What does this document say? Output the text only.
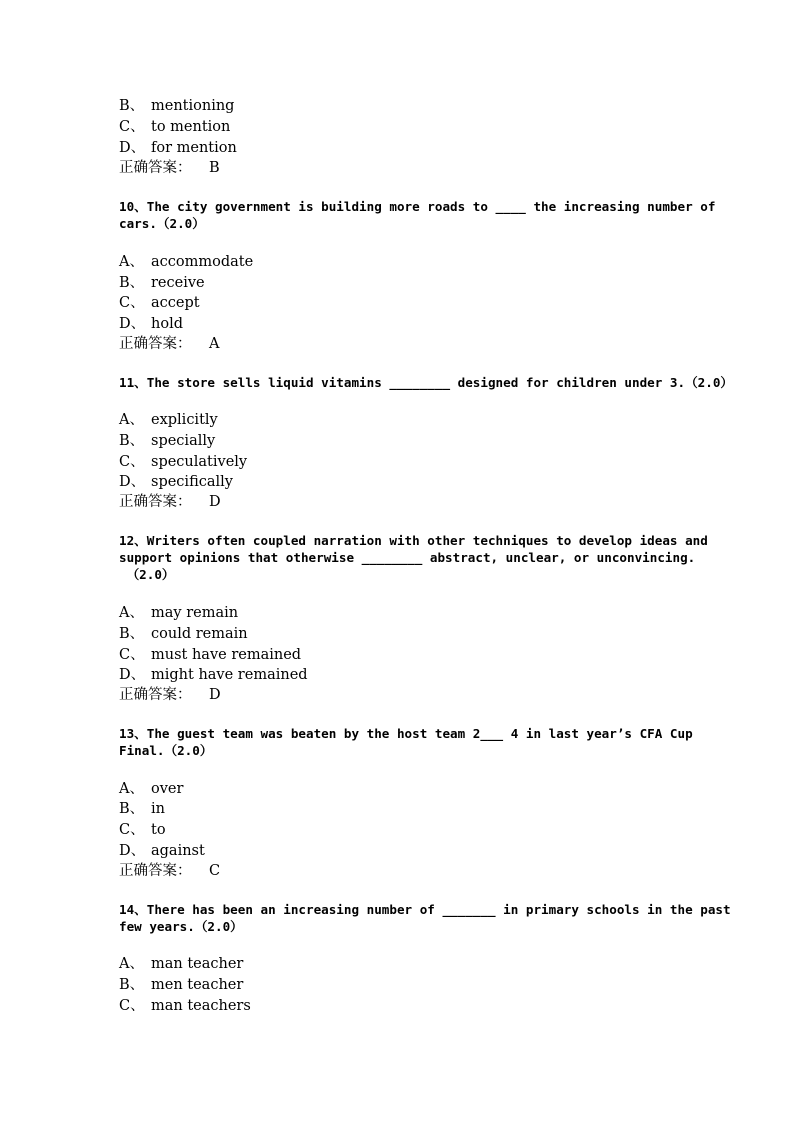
B、 mentioning
C、 to mention
D、 for mention
正确答案： B
10、The city government is building more roads to ____ the increasing number of
cars.（2.0）
A、 accommodate
B、 receive
C、 accept
D、 hold
正确答案： A
11、The store sells liquid vitamins ________ designed for children under 3.（2.0）
A、 explicitly
B、 specially
C、 speculatively
D、 specifically
正确答案： D
12、Writers often coupled narration with other techniques to develop ideas and
support opinions that otherwise ________ abstract, unclear, or unconvincing.
（2.0）
A、 may remain
B、 could remain
C、 must have remained
D、 might have remained
正确答案： D
13、The guest team was beaten by the host team 2___ 4 in last year’s CFA Cup
Final.（2.0）
A、 over
B、 in
C、 to
D、 against
正确答案： C
14、There has been an increasing number of _______ in primary schools in the past
few years.（2.0）
A、 man teacher
B、 men teacher
C、 man teachers
